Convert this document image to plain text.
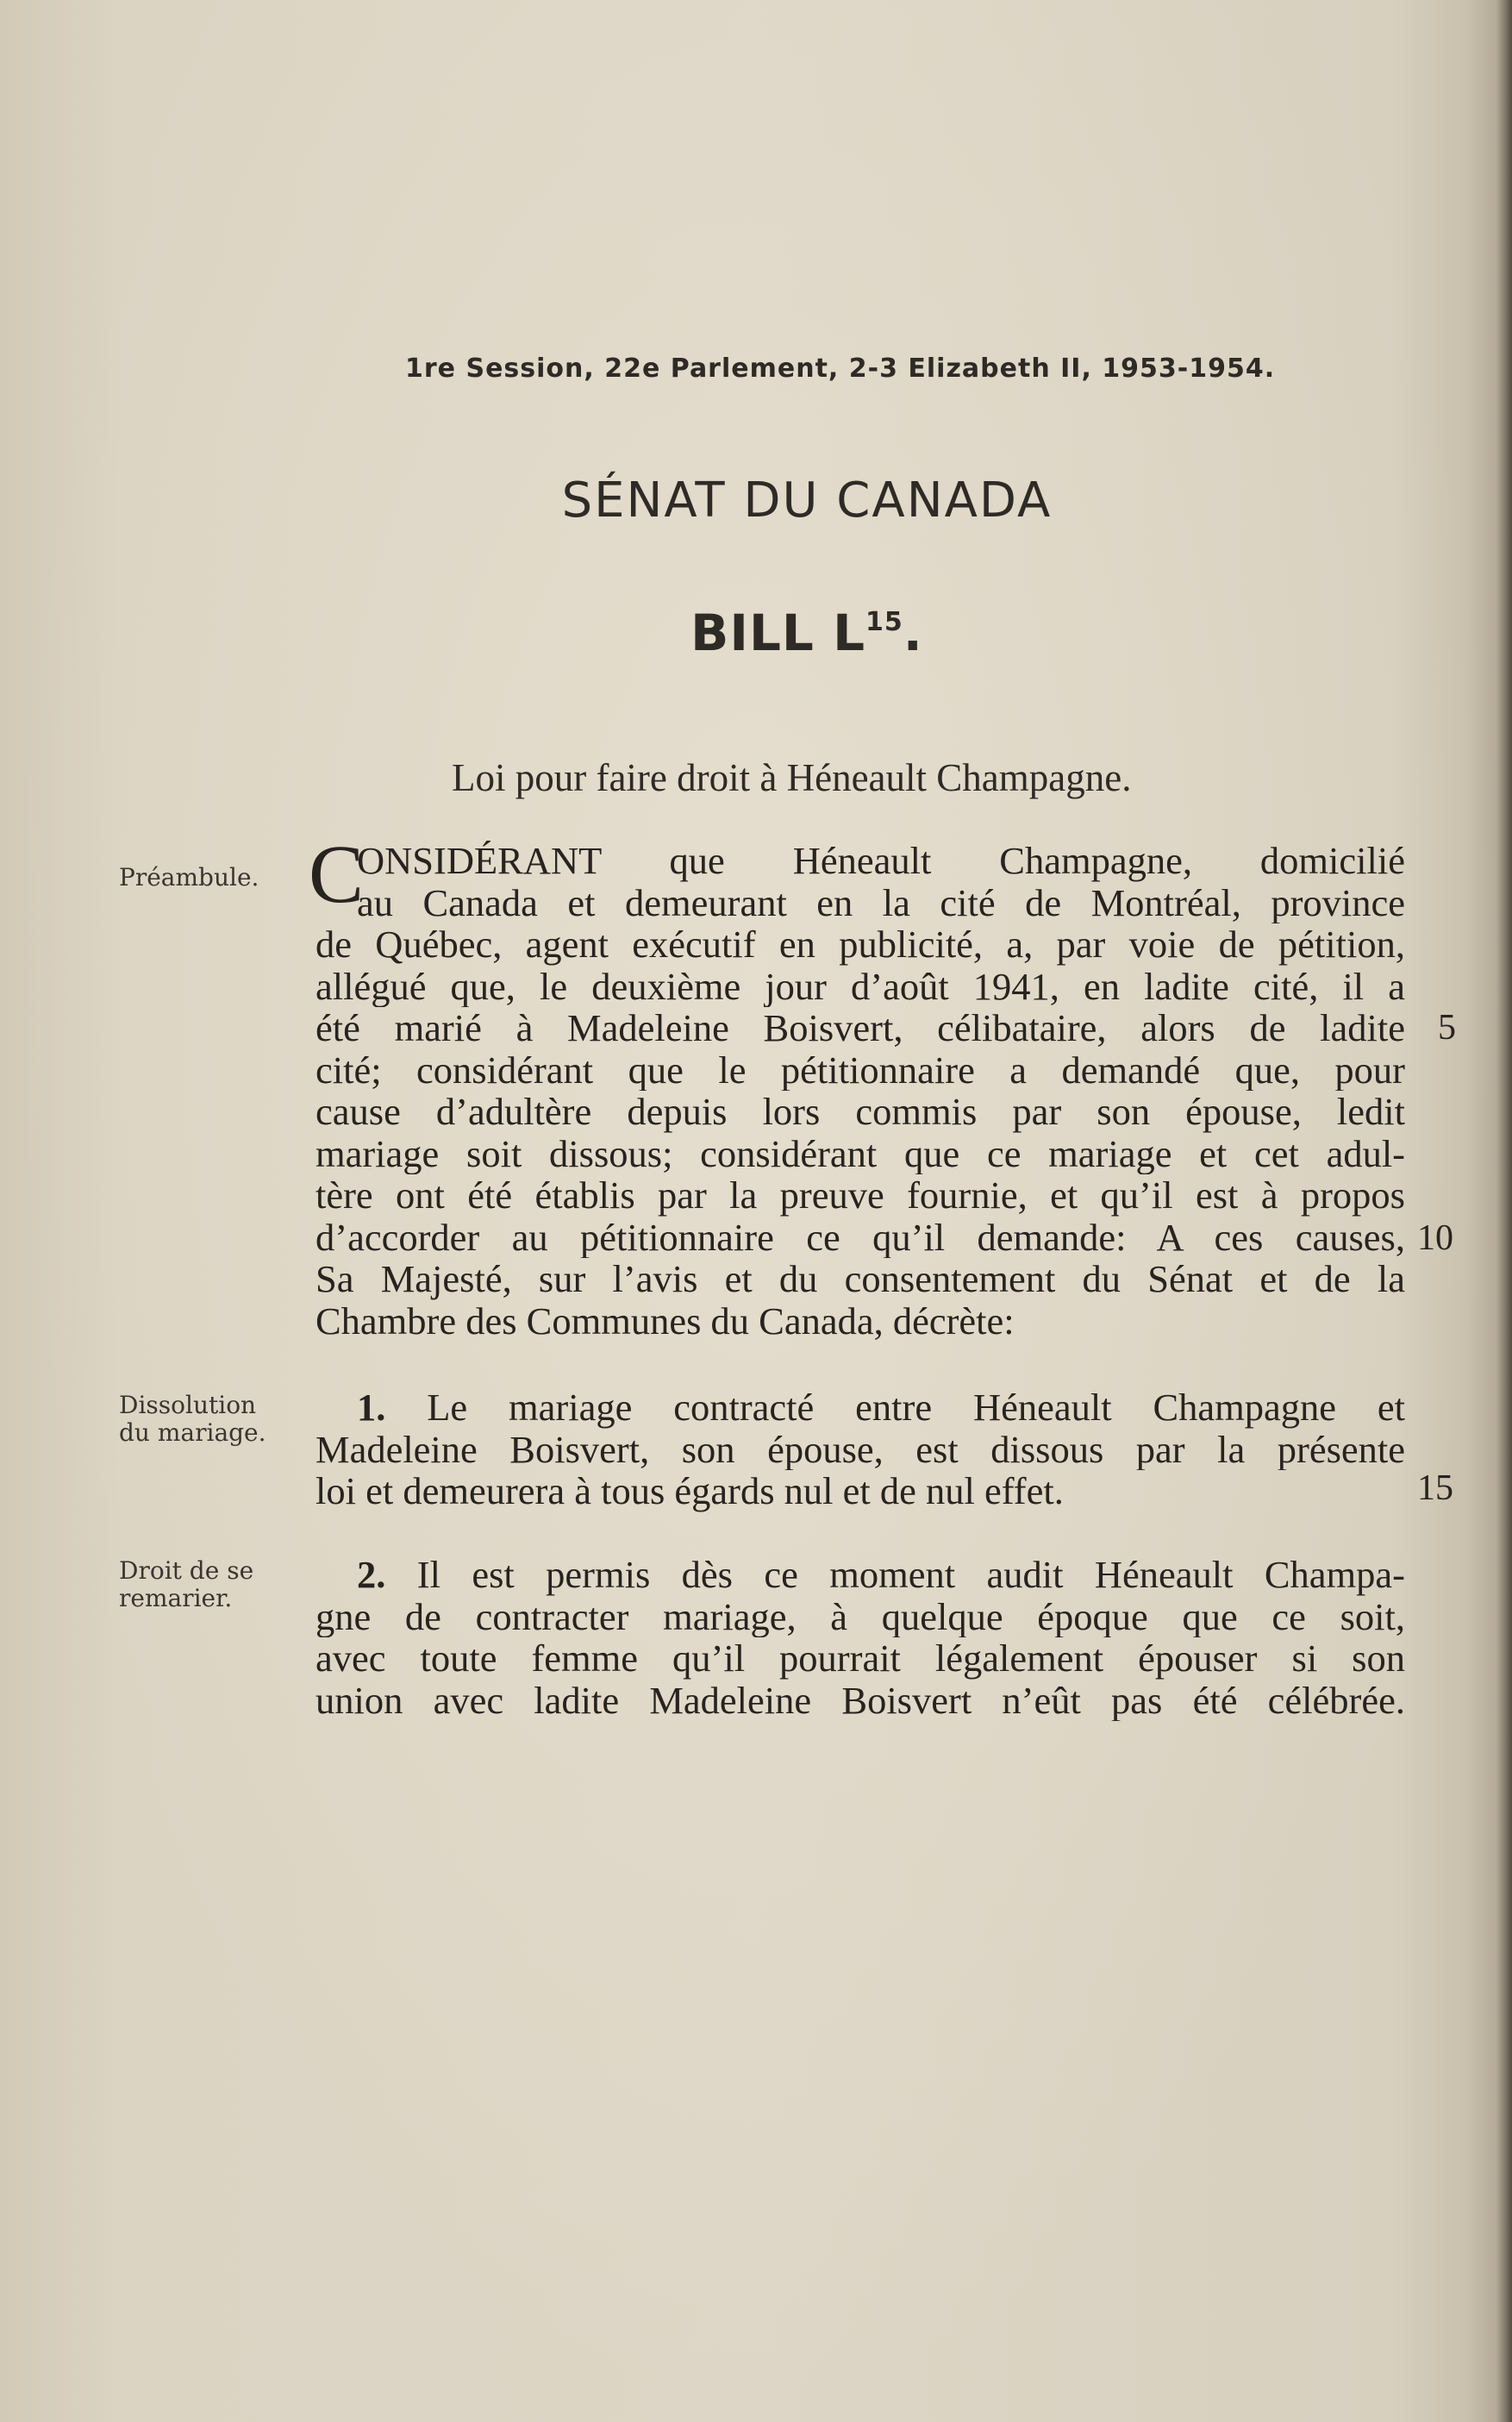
1re Session, 22e Parlement, 2-3 Elizabeth II, 1953-1954.
SÉNAT DU CANADA
BILL $L^{15}$.
Loi pour faire droit à Héneault Champagne.
Préambule.
Dissolution
du mariage.
Droit de se
remarier.
C
ONSIDÉRANT que Héneault Champagne, domicilié
au Canada et demeurant en la cité de Montréal, province
de Québec, agent exécutif en publicité, a, par voie de pétition,
allégué que, le deuxième jour d’août 1941, en ladite cité, il a
été marié à Madeleine Boisvert, célibataire, alors de ladite
cité; considérant que le pétitionnaire a demandé que, pour
cause d’adultère depuis lors commis par son épouse, ledit
mariage soit dissous; considérant que ce mariage et cet adul-
tère ont été établis par la preuve fournie, et qu’il est à propos
d’accorder au pétitionnaire ce qu’il demande: A ces causes,
Sa Majesté, sur l’avis et du consentement du Sénat et de la
Chambre des Communes du Canada, décrète:
1. Le mariage contracté entre Héneault Champagne et
Madeleine Boisvert, son épouse, est dissous par la présente
loi et demeurera à tous égards nul et de nul effet.
2. Il est permis dès ce moment audit Héneault Champa-
gne de contracter mariage, à quelque époque que ce soit,
avec toute femme qu’il pourrait légalement épouser si son
union avec ladite Madeleine Boisvert n’eût pas été célébrée.
5
10
15
